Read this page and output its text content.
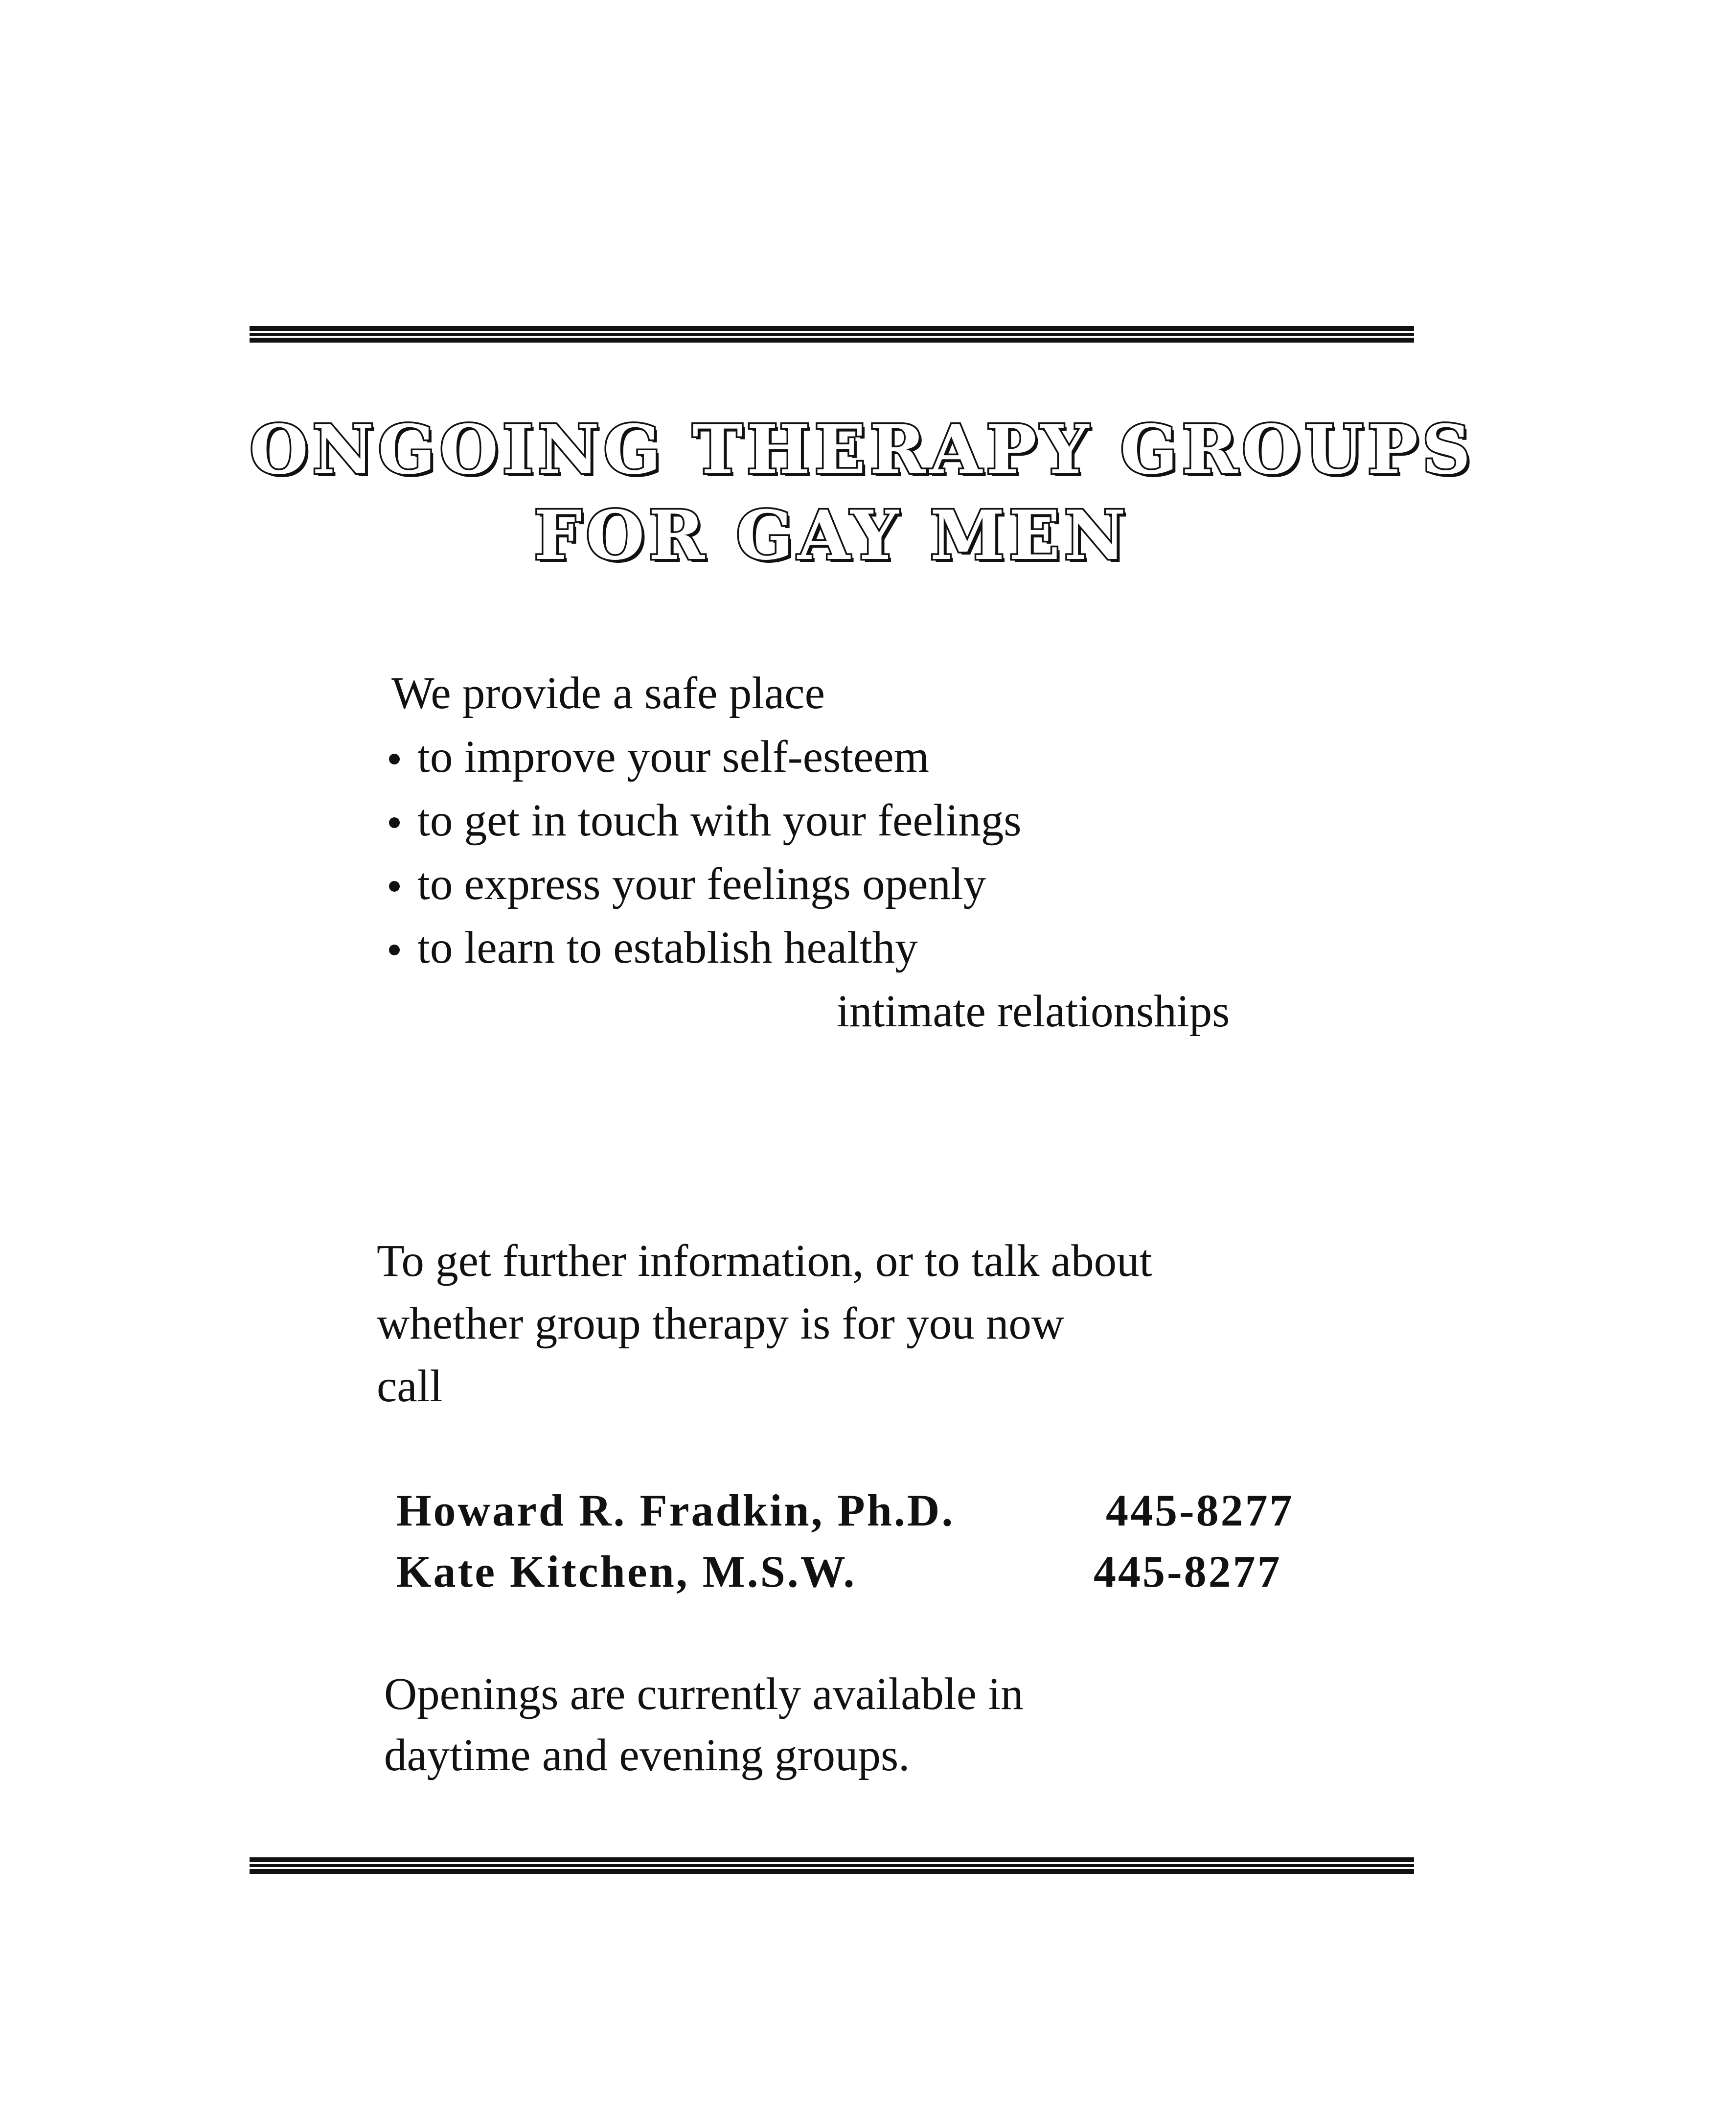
ONGOING THERAPY GROUPS
FOR GAY MEN
We provide a safe place
to improve your self-esteem
to get in touch with your feelings
to express your feelings openly
to learn to establish healthy
intimate relationships
To get further information, or to talk about
whether group therapy is for you now
call
Howard R. Fradkin, Ph.D.	445-8277
Kate Kitchen, M.S.W.	445-8277
Openings are currently available in
daytime and evening groups.
